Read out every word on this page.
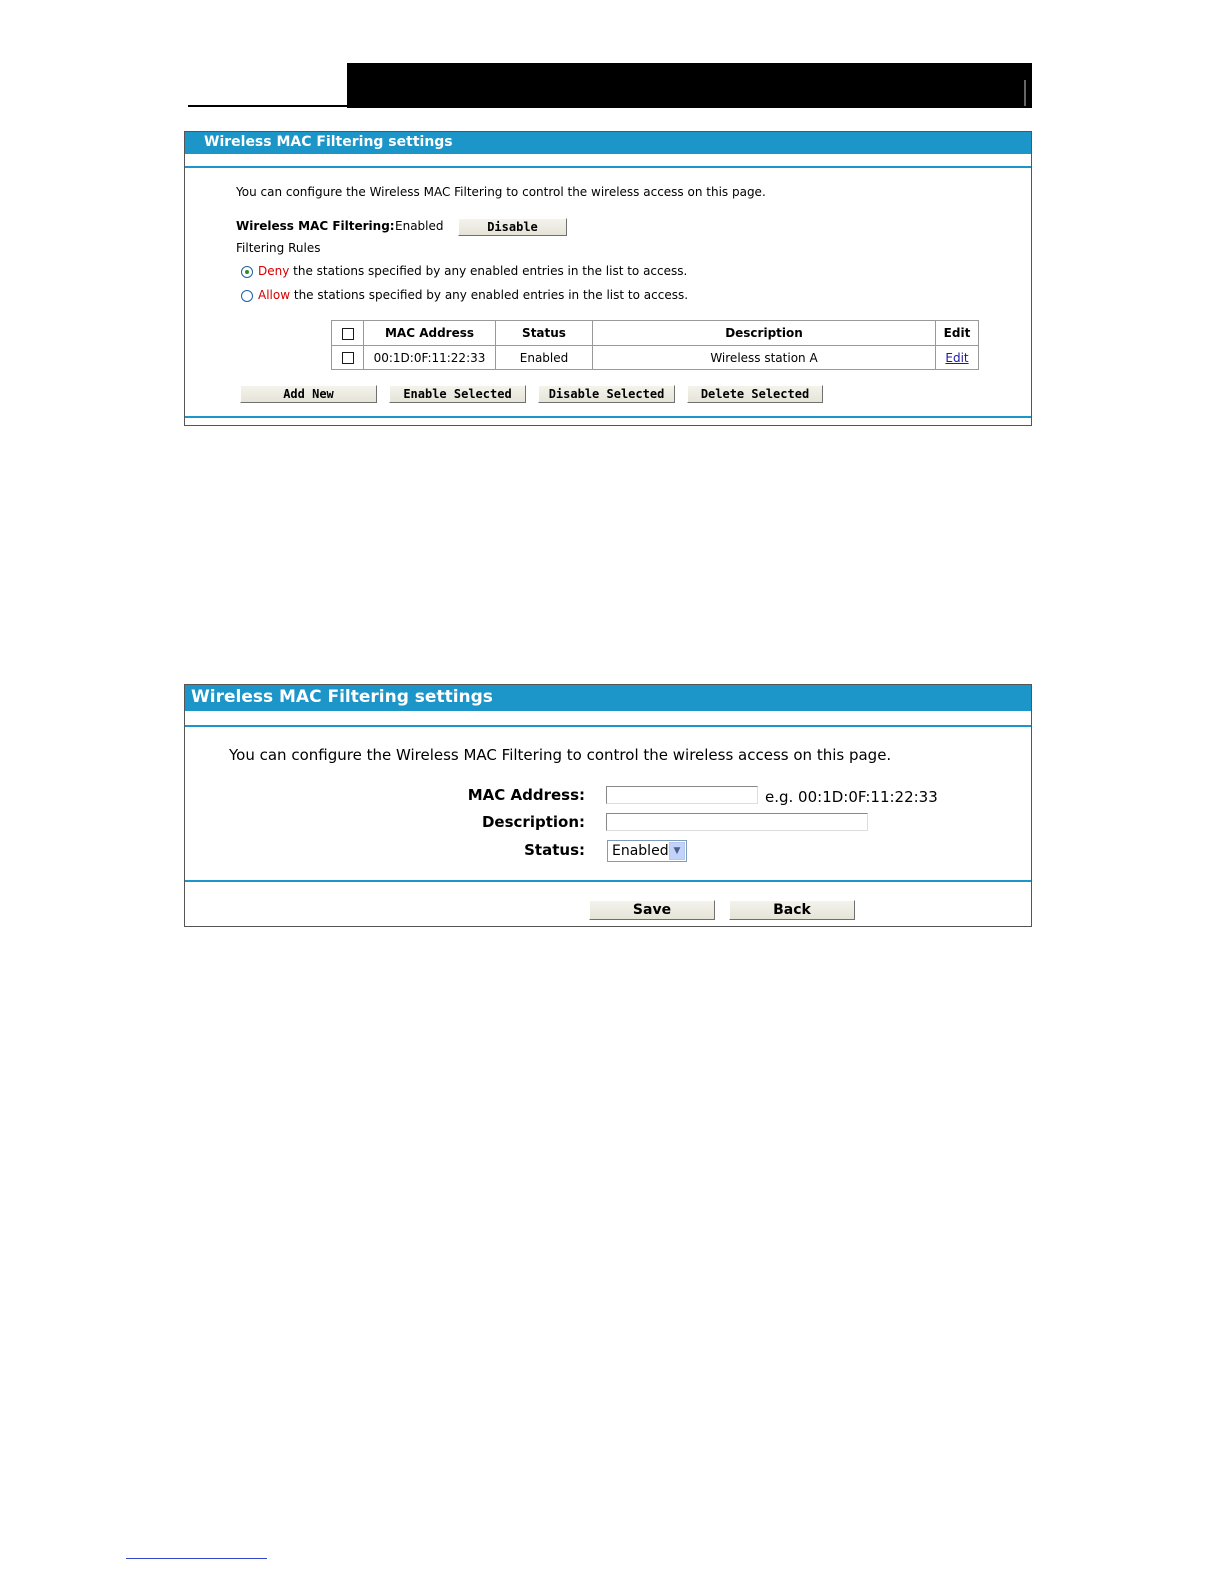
Wireless MAC Filtering settings
You can configure the Wireless MAC Filtering to control the wireless access on this page.
Wireless MAC Filtering: Enabled	Disable
Filtering Rules
Deny the stations specified by any enabled entries in the list to access.
Allow the stations specified by any enabled entries in the list to access.
	MAC Address	Status	Description	Edit
	00:1D:0F:11:22:33	Enabled	Wireless station A	Edit
Add New	Enable Selected	Disable Selected	Delete Selected
Wireless MAC Filtering settings
You can configure the Wireless MAC Filtering to control the wireless access on this page.
MAC Address:	e.g. 00:1D:0F:11:22:33
Description:
Status:	Enabled ▼
Save	Back
